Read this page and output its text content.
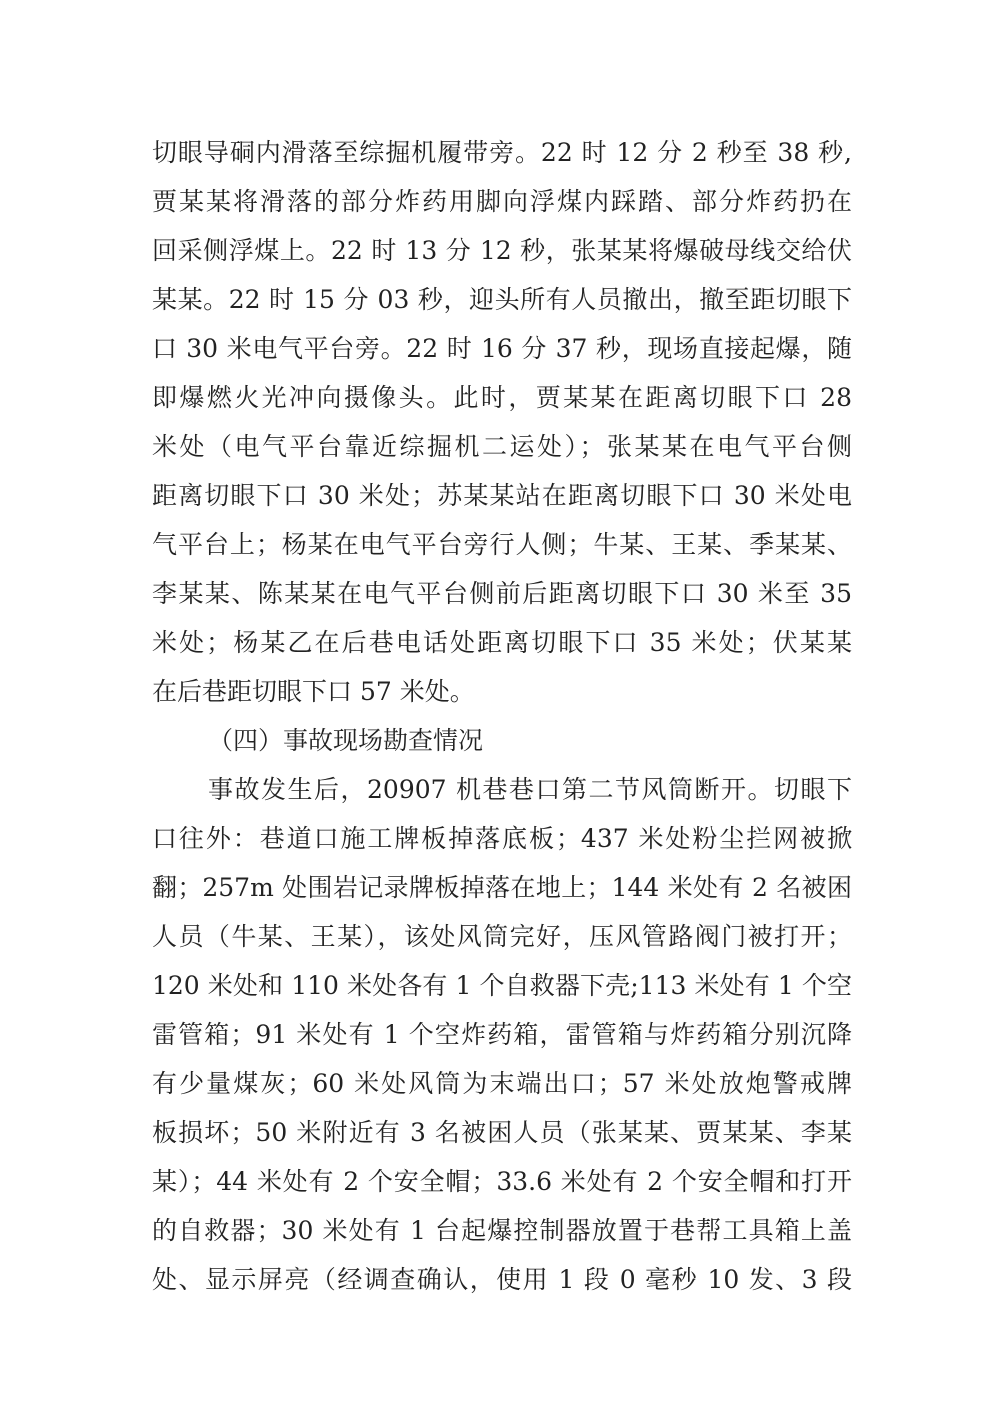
切眼导硐内滑落至综掘机履带旁。22 时 12 分 2 秒至 38 秒,
贾某某将滑落的部分炸药用脚向浮煤内踩踏、部分炸药扔在
回采侧浮煤上。22 时 13 分 12 秒，张某某将爆破母线交给伏
某某。22 时 15 分 03 秒，迎头所有人员撤出，撤至距切眼下
口 30 米电气平台旁。22 时 16 分 37 秒，现场直接起爆，随
即爆燃火光冲向摄像头。此时，贾某某在距离切眼下口 28
米处（电气平台靠近综掘机二运处）；张某某在电气平台侧
距离切眼下口 30 米处；苏某某站在距离切眼下口 30 米处电
气平台上；杨某在电气平台旁行人侧；牛某、王某、季某某、
李某某、陈某某在电气平台侧前后距离切眼下口 30 米至 35
米处；杨某乙在后巷电话处距离切眼下口 35 米处；伏某某
在后巷距切眼下口 57 米处。
（四）事故现场勘查情况
事故发生后，20907 机巷巷口第二节风筒断开。切眼下
口往外：巷道口施工牌板掉落底板；437 米处粉尘拦网被掀
翻；257m 处围岩记录牌板掉落在地上；144 米处有 2 名被困
人员（牛某、王某），该处风筒完好，压风管路阀门被打开；
120 米处和 110 米处各有 1 个自救器下壳;113 米处有 1 个空
雷管箱；91 米处有 1 个空炸药箱，雷管箱与炸药箱分别沉降
有少量煤灰；60 米处风筒为末端出口；57 米处放炮警戒牌
板损坏；50 米附近有 3 名被困人员（张某某、贾某某、李某
某）；44 米处有 2 个安全帽；33.6 米处有 2 个安全帽和打开
的自救器；30 米处有 1 台起爆控制器放置于巷帮工具箱上盖
处、显示屏亮（经调查确认，使用 1 段 0 毫秒 10 发、3 段
